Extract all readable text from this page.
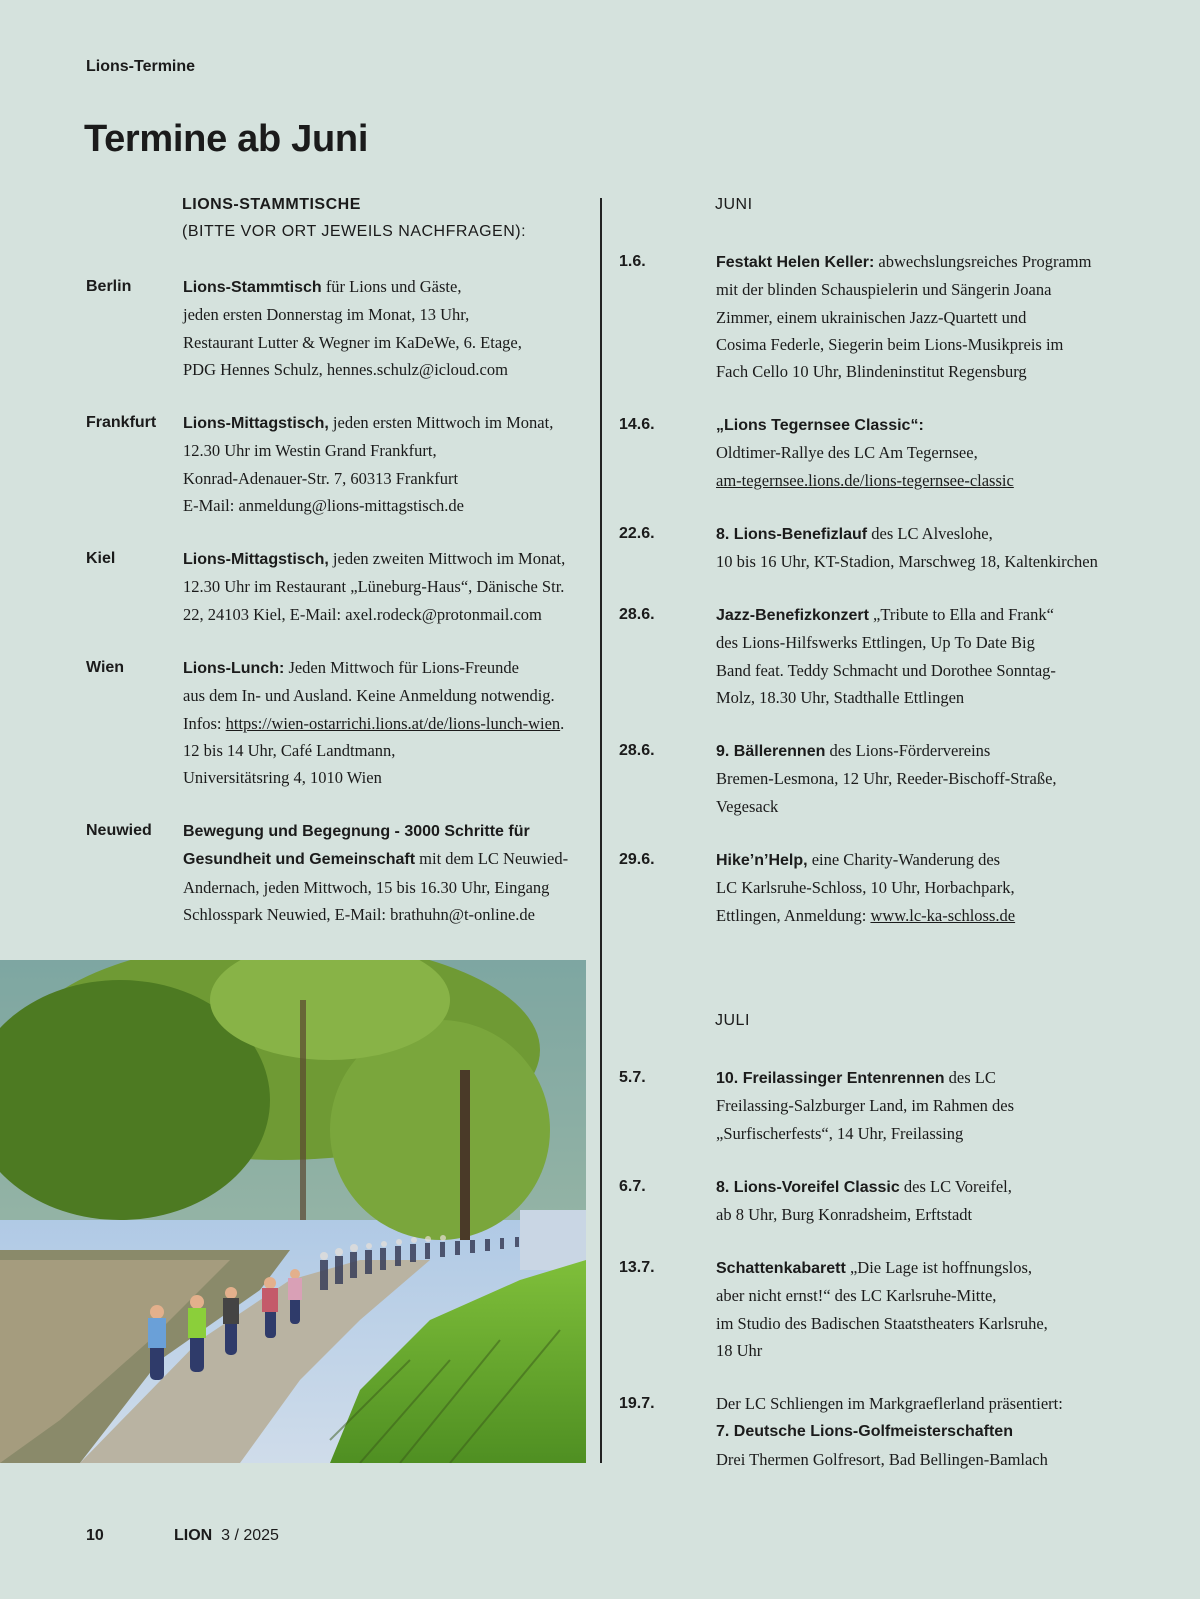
Lions-Termine
Termine ab Juni
LIONS-STAMMTISCHE
(BITTE VOR ORT JEWEILS NACHFRAGEN):
Berlin	Lions-Stammtisch für Lions und Gäste,
jeden ersten Donnerstag im Monat, 13 Uhr,
Restaurant Lutter & Wegner im KaDeWe, 6. Etage,
PDG Hennes Schulz, hennes.schulz@icloud.com
Frankfurt Lions-Mittagstisch, jeden ersten Mittwoch im Monat,
12.30 Uhr im Westin Grand Frankfurt,
Konrad-Adenauer-Str. 7, 60313 Frankfurt
E-Mail: anmeldung@lions-mittagstisch.de
Kiel	Lions-Mittagstisch, jeden zweiten Mittwoch im Monat,
12.30 Uhr im Restaurant „Lüneburg-Haus“, Dänische Str.
22, 24103 Kiel, E-Mail: axel.rodeck@protonmail.com
Wien	Lions-Lunch: Jeden Mittwoch für Lions-Freunde
aus dem In- und Ausland. Keine Anmeldung notwendig.
Infos: https://wien-ostarrichi.lions.at/de/lions-lunch-wien.
12 bis 14 Uhr, Café Landtmann,
Universitätsring 4, 1010 Wien
Neuwied Bewegung und Begegnung - 3000 Schritte für
Gesundheit und Gemeinschaft mit dem LC Neuwied-
Andernach, jeden Mittwoch, 15 bis 16.30 Uhr, Eingang
Schlosspark Neuwied, E-Mail: brathuhn@t-online.de
JUNI
1.6.	Festakt Helen Keller: abwechslungsreiches Programm
mit der blinden Schauspielerin und Sängerin Joana
Zimmer, einem ukrainischen Jazz-Quartett und
Cosima Federle, Siegerin beim Lions-Musikpreis im
Fach Cello 10 Uhr, Blindeninstitut Regensburg
14.6.	„Lions Tegernsee Classic“:
Oldtimer-Rallye des LC Am Tegernsee,
am-tegernsee.lions.de/lions-tegernsee-classic
22.6.	8. Lions-Benefizlauf des LC Alveslohe,
10 bis 16 Uhr, KT-Stadion, Marschweg 18, Kaltenkirchen
28.6.	Jazz-Benefizkonzert „Tribute to Ella and Frank“
des Lions-Hilfswerks Ettlingen, Up To Date Big
Band feat. Teddy Schmacht und Dorothee Sonntag-
Molz, 18.30 Uhr, Stadthalle Ettlingen
28.6.	9. Bällerennen des Lions-Fördervereins
Bremen-Lesmona, 12 Uhr, Reeder-Bischoff-Straße,
Vegesack
29.6.	Hike’n’Help, eine Charity-Wanderung des
LC Karlsruhe-Schloss, 10 Uhr, Horbachpark,
Ettlingen, Anmeldung: www.lc-ka-schloss.de
JULI
5.7.	10. Freilassinger Entenrennen des LC
Freilassing-Salzburger Land, im Rahmen des
„Surfischerfests“, 14 Uhr, Freilassing
6.7.	8. Lions-Voreifel Classic des LC Voreifel,
ab 8 Uhr, Burg Konradsheim, Erftstadt
13.7.	Schattenkabarett „Die Lage ist hoffnungslos,
aber nicht ernst!“ des LC Karlsruhe-Mitte,
im Studio des Badischen Staatstheaters Karlsruhe,
18 Uhr
19.7.	Der LC Schliengen im Markgraeflerland präsentiert:
7. Deutsche Lions-Golfmeisterschaften
Drei Thermen Golfresort, Bad Bellingen-Bamlach
10	LION 3 / 2025
